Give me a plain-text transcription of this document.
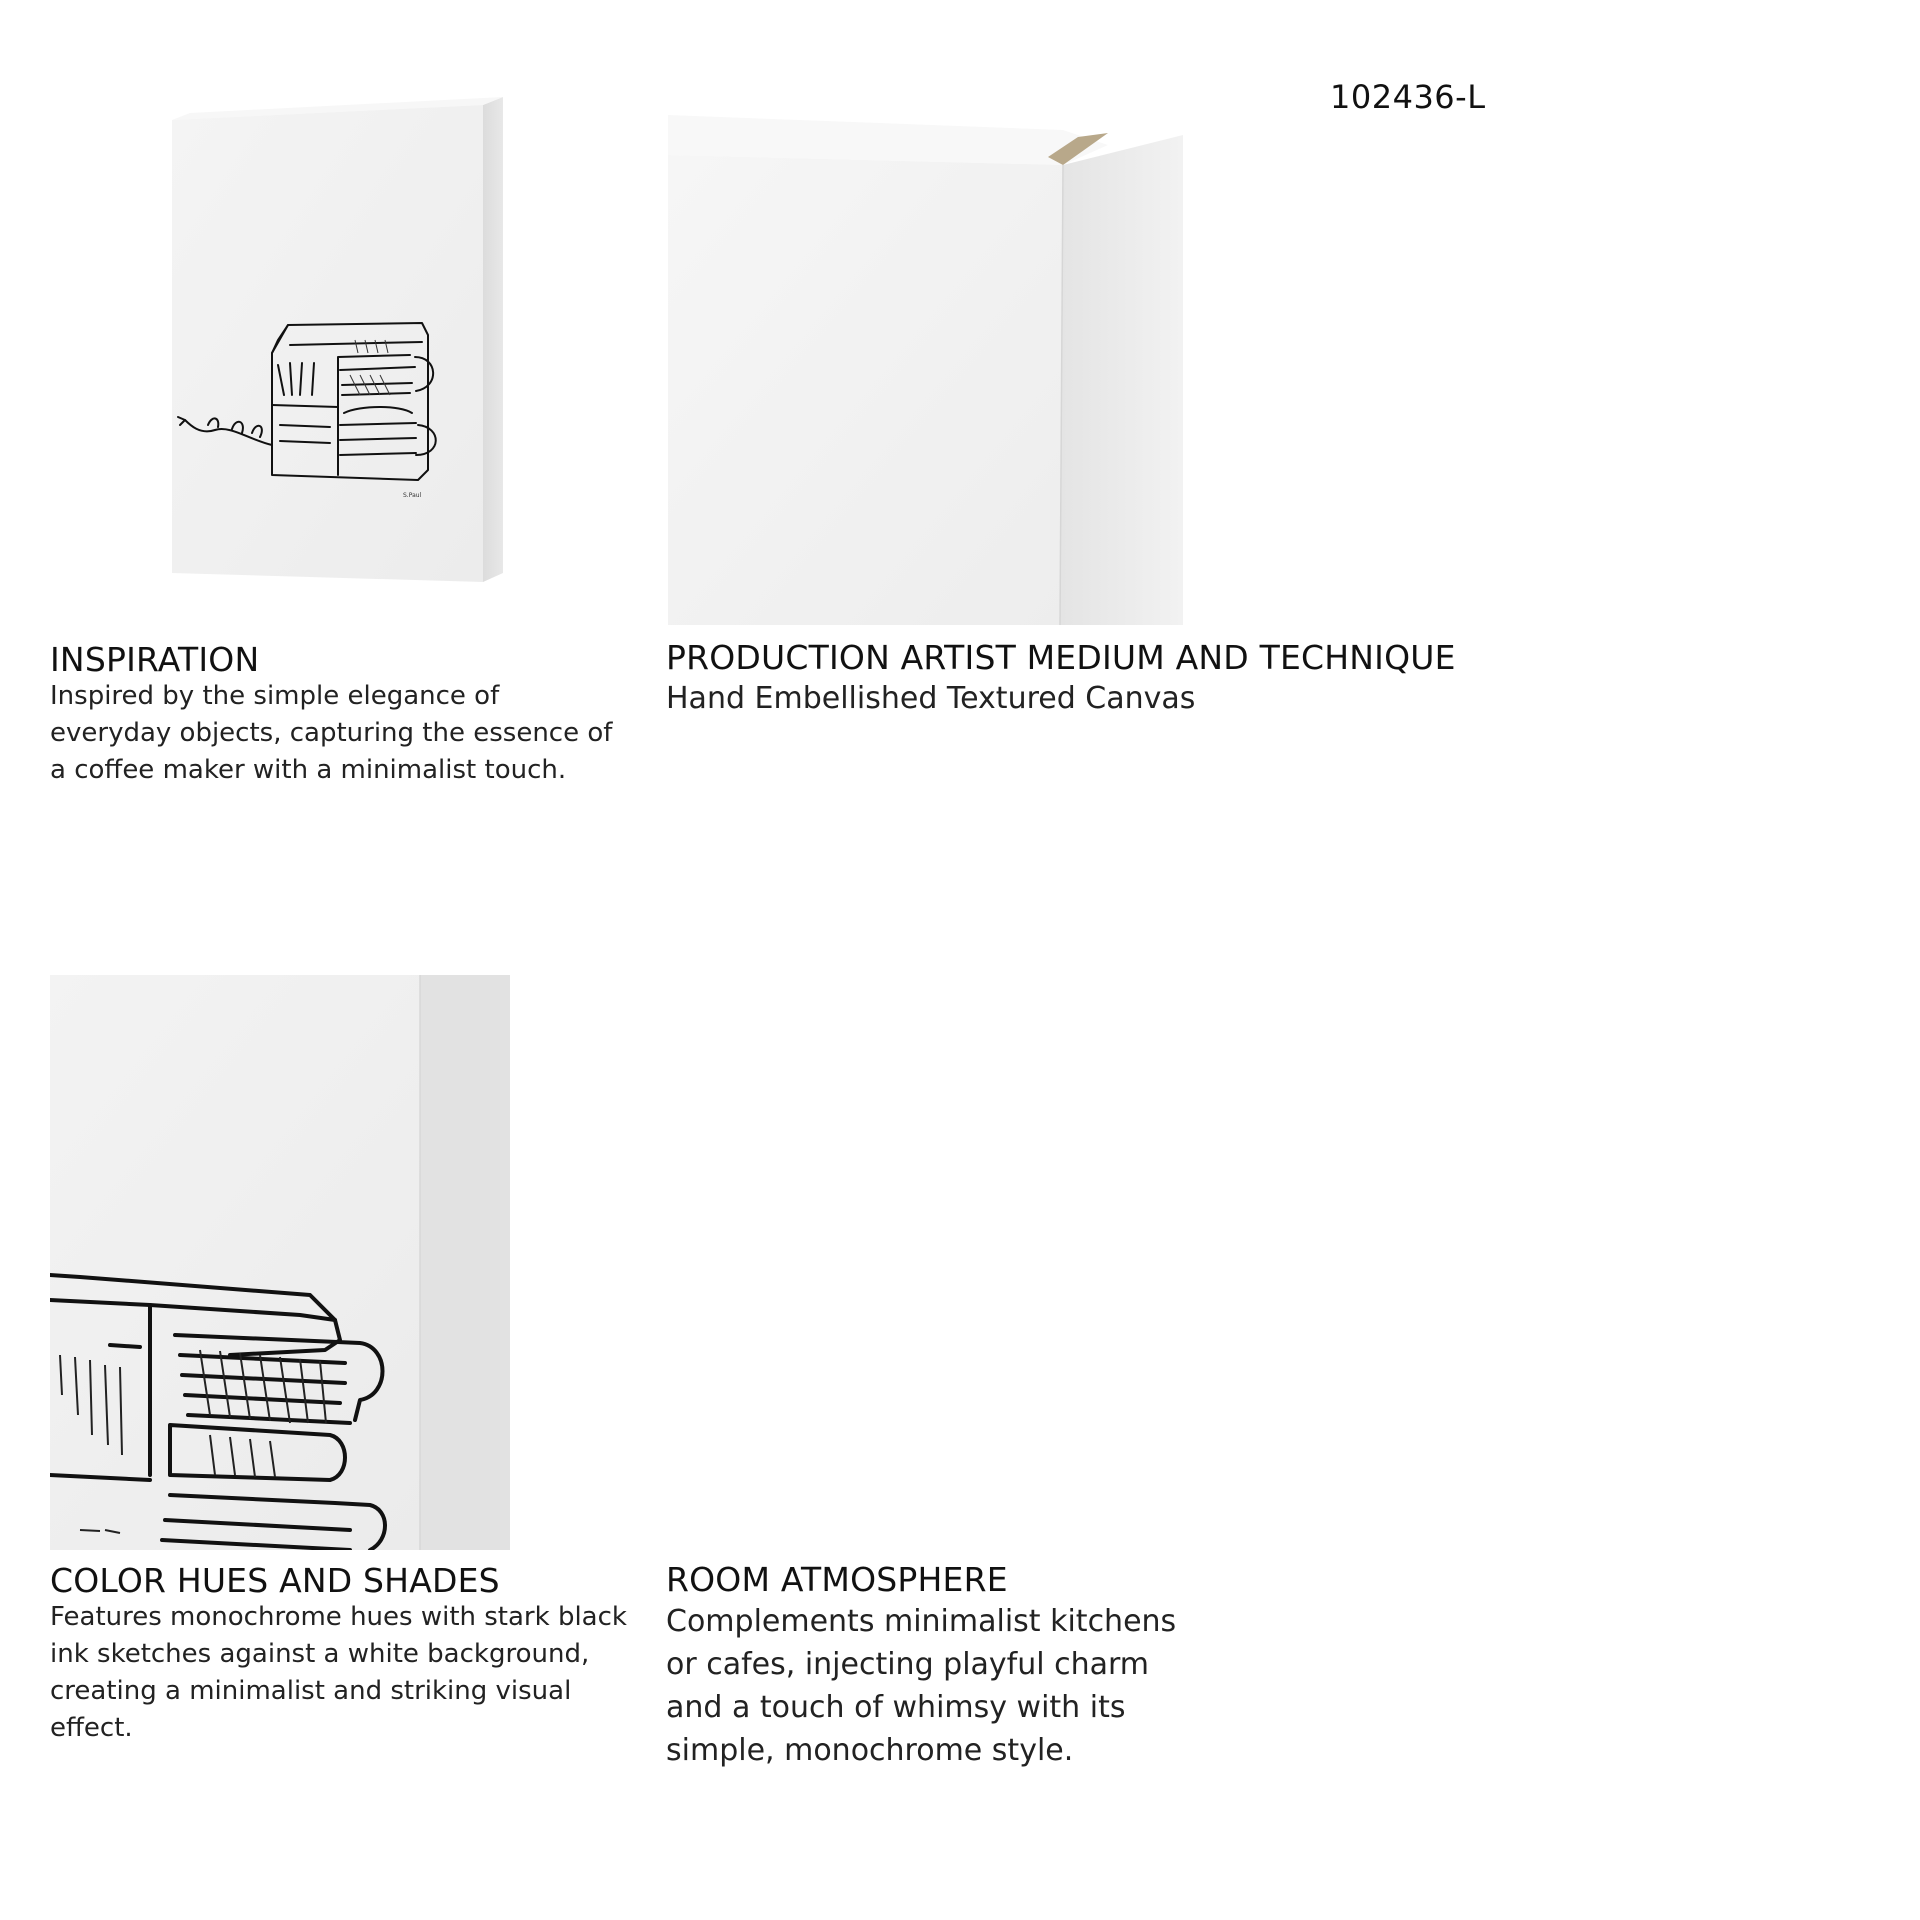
102436-L
S.Paul
INSPIRATION
Inspired by the simple elegance of everyday objects, capturing the essence of a coffee maker with a minimalist touch.
PRODUCTION ARTIST MEDIUM AND TECHNIQUE
Hand Embellished Textured Canvas
COLOR HUES AND SHADES
Features monochrome hues with stark black ink sketches against a white background, creating a minimalist and striking visual effect.
ROOM ATMOSPHERE
Complements minimalist kitchens or cafes, injecting playful charm and a touch of whimsy with its simple, monochrome style.
